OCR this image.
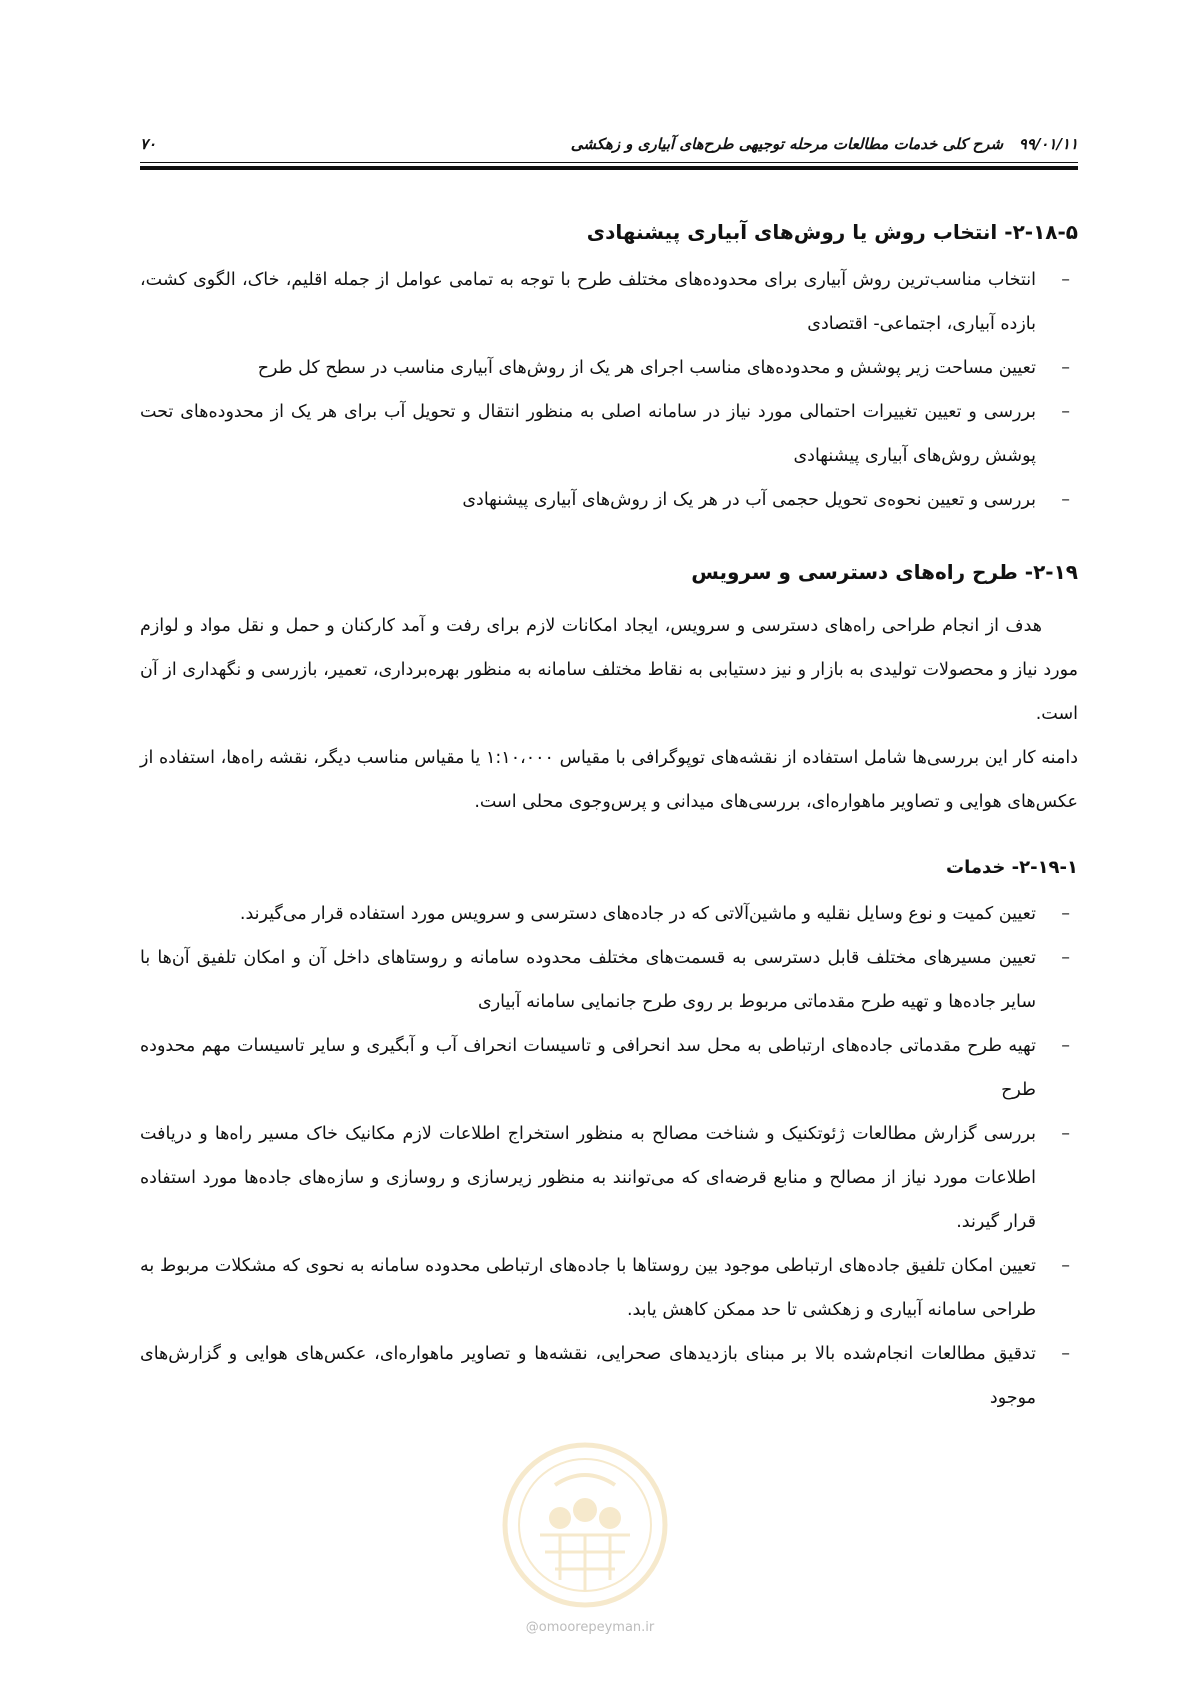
۹۹/۰۱/۱۱   شرح کلی خدمات مطالعات مرحله توجیهی طرح‌های آبیاری و زهکشی
۷۰
۲-۱۸-۵- انتخاب روش یا روش‌های آبیاری پیشنهادی
–
انتخاب مناسب‌ترین روش آبیاری برای محدوده‌های مختلف طرح با توجه به تمامی عوامل از جمله اقلیم، خاک، الگوی کشت، بازده آبیاری، اجتماعی- اقتصادی
–
تعیین مساحت زیر پوشش و محدوده‌های مناسب اجرای هر یک از روش‌های آبیاری مناسب در سطح کل طرح
–
بررسی و تعیین تغییرات احتمالی مورد نیاز در سامانه اصلی به منظور انتقال و تحویل آب برای هر یک از محدوده‌های تحت پوشش روش‌های آبیاری پیشنهادی
–
بررسی و تعیین نحوه‌ی تحویل حجمی آب در هر یک از روش‌های آبیاری پیشنهادی
۲-۱۹- طرح راه‌های دسترسی و سرویس

هدف از انجام طراحی راه‌های دسترسی و سرویس، ایجاد امکانات لازم برای رفت و آمد کارکنان و حمل و نقل مواد و لوازم مورد نیاز و محصولات تولیدی به بازار و نیز دستیابی به نقاط مختلف سامانه به منظور بهره‌برداری، تعمیر، بازرسی و نگهداری از آن است.

دامنه کار این بررسی‌ها شامل استفاده از نقشه‌های توپوگرافی با مقیاس ۱:۱۰،۰۰۰ یا مقیاس مناسب دیگر، نقشه راه‌ها، استفاده از عکس‌های هوایی و تصاویر ماهواره‌ای، بررسی‌های میدانی و پرس‌وجوی محلی است.

۲-۱۹-۱- خدمات
–
تعیین کمیت و نوع وسایل نقلیه و ماشین‌آلاتی که در جاده‌های دسترسی و سرویس مورد استفاده قرار می‌گیرند.
–
تعیین مسیرهای مختلف قابل دسترسی به قسمت‌های مختلف محدوده سامانه و روستاهای داخل آن و امکان تلفیق آن‌ها با سایر جاده‌ها و تهیه طرح مقدماتی مربوط بر روی طرح جانمایی سامانه آبیاری
–
تهیه طرح مقدماتی جاده‌های ارتباطی به محل سد انحرافی و تاسیسات انحراف آب و آبگیری و سایر تاسیسات مهم محدوده طرح
–
بررسی گزارش مطالعات ژئوتکنیک و شناخت مصالح به منظور استخراج اطلاعات لازم مکانیک خاک مسیر راه‌ها و دریافت اطلاعات مورد نیاز از مصالح و منابع قرضه‌ای که می‌توانند به منظور زیرسازی و روسازی و سازه‌های جاده‌ها مورد استفاده قرار گیرند.
–
تعیین امکان تلفیق جاده‌های ارتباطی موجود بین روستاها با جاده‌های ارتباطی محدوده سامانه به نحوی که مشکلات مربوط به طراحی سامانه آبیاری و زهکشی تا حد ممکن کاهش یابد.
–
تدقیق مطالعات انجام‌شده بالا بر مبنای بازدیدهای صحرایی، نقشه‌ها و تصاویر ماهواره‌ای، عکس‌های هوایی و گزارش‌های موجود
@omoorepeyman.ir
